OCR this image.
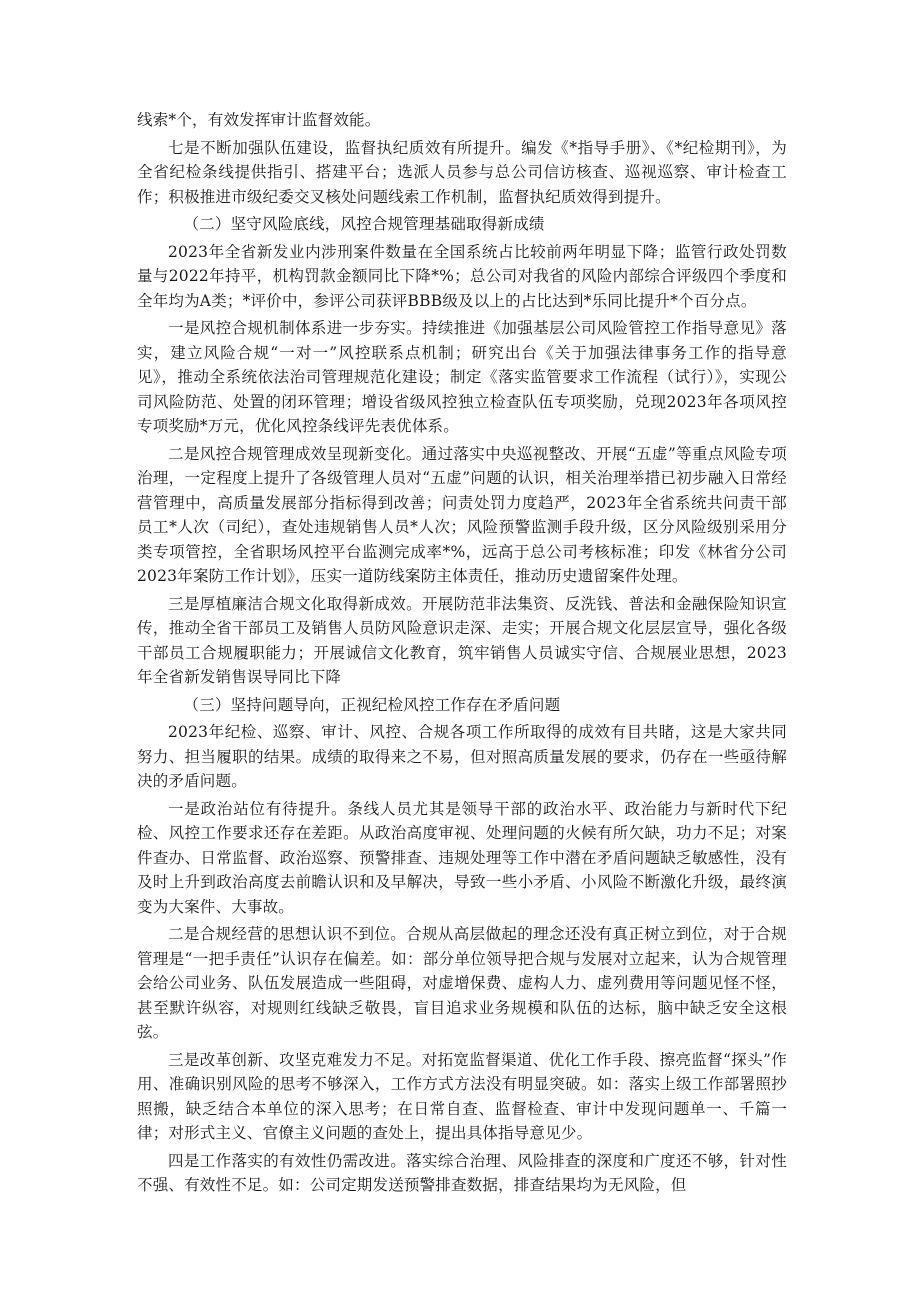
线索*个，有效发挥审计监督效能。

七是不断加强队伍建设，监督执纪质效有所提升。编发《*指导手册》、《*纪检期刊》，为全省纪检条线提供指引、搭建平台；选派人员参与总公司信访核查、巡视巡察、审计检查工作；积极推进市级纪委交叉核处问题线索工作机制，监督执纪质效得到提升。

（二）坚守风险底线，风控合规管理基础取得新成绩

2023年全省新发业内涉刑案件数量在全国系统占比较前两年明显下降；监管行政处罚数量与2022年持平，机构罚款金额同比下降*%；总公司对我省的风险内部综合评级四个季度和全年均为A类；*评价中，参评公司获评BBB级及以上的占比达到*乐同比提升*个百分点。

一是风控合规机制体系进一步夯实。持续推进《加强基层公司风险管控工作指导意见》落实，建立风险合规“一对一”风控联系点机制；研究出台《关于加强法律事务工作的指导意见》，推动全系统依法治司管理规范化建设；制定《落实监管要求工作流程（试行）》，实现公司风险防范、处置的闭环管理；增设省级风控独立检查队伍专项奖励，兑现2023年各项风控专项奖励*万元，优化风控条线评先表优体系。

二是风控合规管理成效呈现新变化。通过落实中央巡视整改、开展“五虚”等重点风险专项治理，一定程度上提升了各级管理人员对“五虚”问题的认识，相关治理举措已初步融入日常经营管理中，高质量发展部分指标得到改善；问责处罚力度趋严，2023年全省系统共问责干部员工*人次（司纪），查处违规销售人员*人次；风险预警监测手段升级，区分风险级别采用分类专项管控，全省职场风控平台监测完成率*%，远高于总公司考核标准；印发《林省分公司2023年案防工作计划》，压实一道防线案防主体责任，推动历史遗留案件处理。

三是厚植廉洁合规文化取得新成效。开展防范非法集资、反洗钱、普法和金融保险知识宣传，推动全省干部员工及销售人员防风险意识走深、走实；开展合规文化层层宣导，强化各级干部员工合规履职能力；开展诚信文化教育，筑牢销售人员诚实守信、合规展业思想，2023年全省新发销售误导同比下降

（三）坚持问题导向，正视纪检风控工作存在矛盾问题

2023年纪检、巡察、审计、风控、合规各项工作所取得的成效有目共睹，这是大家共同努力、担当履职的结果。成绩的取得来之不易，但对照高质量发展的要求，仍存在一些亟待解决的矛盾问题。

一是政治站位有待提升。条线人员尤其是领导干部的政治水平、政治能力与新时代下纪检、风控工作要求还存在差距。从政治高度审视、处理问题的火候有所欠缺，功力不足；对案件查办、日常监督、政治巡察、预警排查、违规处理等工作中潜在矛盾问题缺乏敏感性，没有及时上升到政治高度去前瞻认识和及早解决，导致一些小矛盾、小风险不断激化升级，最终演变为大案件、大事故。

二是合规经营的思想认识不到位。合规从高层做起的理念还没有真正树立到位，对于合规管理是“一把手责任”认识存在偏差。如：部分单位领导把合规与发展对立起来，认为合规管理会给公司业务、队伍发展造成一些阻碍，对虚增保费、虚构人力、虚列费用等问题见怪不怪，甚至默许纵容，对规则红线缺乏敬畏，盲目追求业务规模和队伍的达标，脑中缺乏安全这根弦。

三是改革创新、攻坚克难发力不足。对拓宽监督渠道、优化工作手段、擦亮监督“探头”作用、准确识别风险的思考不够深入，工作方式方法没有明显突破。如：落实上级工作部署照抄照搬，缺乏结合本单位的深入思考；在日常自查、监督检查、审计中发现问题单一、千篇一律；对形式主义、官僚主义问题的查处上，提出具体指导意见少。

四是工作落实的有效性仍需改进。落实综合治理、风险排查的深度和广度还不够，针对性不强、有效性不足。如：公司定期发送预警排查数据，排查结果均为无风险，但
